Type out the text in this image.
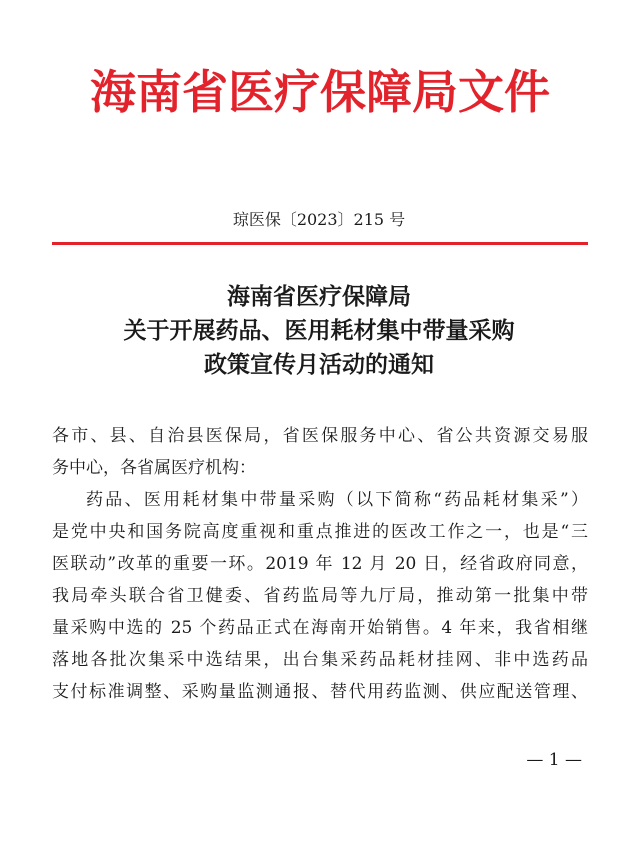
海南省医疗保障局文件
琼医保〔2023〕215 号
海南省医疗保障局
关于开展药品、医用耗材集中带量采购
政策宣传月活动的通知
各市、县、自治县医保局，省医保服务中心、省公共资源交易服
务中心，各省属医疗机构：
药品、医用耗材集中带量采购（以下简称“药品耗材集采”）
是党中央和国务院高度重视和重点推进的医改工作之一，也是“三
医联动”改革的重要一环。2019 年 12 月 20 日，经省政府同意，
我局牵头联合省卫健委、省药监局等九厅局，推动第一批集中带
量采购中选的 25 个药品正式在海南开始销售。4 年来，我省相继
落地各批次集采中选结果，出台集采药品耗材挂网、非中选药品
支付标准调整、采购量监测通报、替代用药监测、供应配送管理、
— 1 —
